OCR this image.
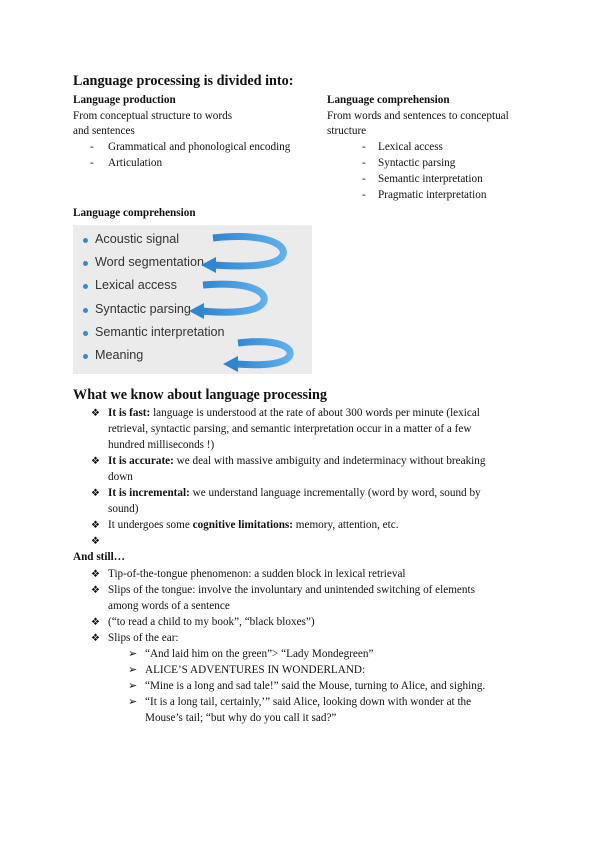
Language processing is divided into:
Language production
From conceptual structure to words
and sentences
- Grammatical and phonological encoding
- Articulation
Language comprehension
From words and sentences to conceptual
structure
- Lexical access
- Syntactic parsing
- Semantic interpretation
- Pragmatic interpretation
Language comprehension
Acoustic signal
Word segmentation
Lexical access
Syntactic parsing
Semantic interpretation
Meaning
What we know about language processing
❖ It is fast: language is understood at the rate of about 300 words per minute (lexical
retrieval, syntactic parsing, and semantic interpretation occur in a matter of a few
hundred milliseconds !)
❖ It is accurate: we deal with massive ambiguity and indeterminacy without breaking
down
❖ It is incremental: we understand language incrementally (word by word, sound by
sound)
❖ It undergoes some cognitive limitations: memory, attention, etc.
❖
And still…
❖ Tip-of-the-tongue phenomenon: a sudden block in lexical retrieval
❖ Slips of the tongue: involve the involuntary and unintended switching of elements
among words of a sentence
❖ (“to read a child to my book”, “black bloxes”)
❖ Slips of the ear:
➢ “And laid him on the green”> “Lady Mondegreen”
➢ ALICE’S ADVENTURES IN WONDERLAND:
➢ “Mine is a long and sad tale!” said the Mouse, turning to Alice, and sighing.
➢ “It is a long tail, certainly,’” said Alice, looking down with wonder at the
Mouse’s tail; “but why do you call it sad?”
